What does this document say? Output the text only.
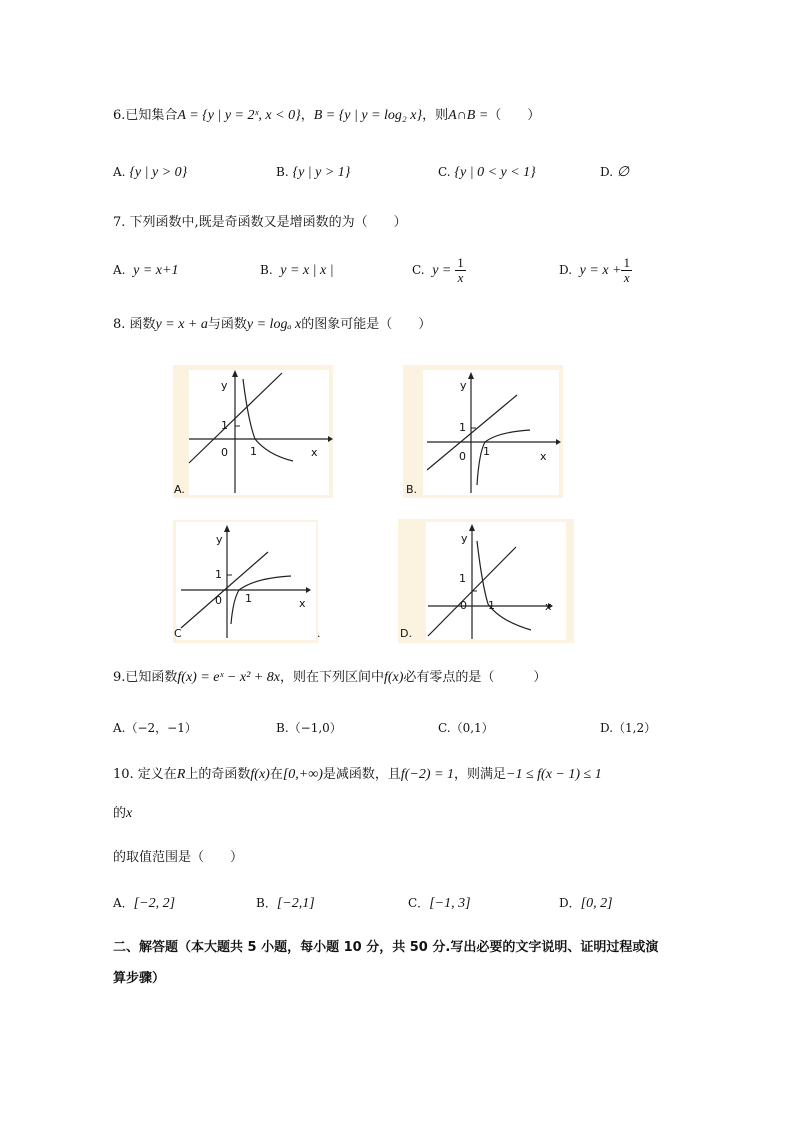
6.已知集合A = {y | y = 2ˣ, x < 0}，B = {y | y = log₂ x}，则A∩B =（　　）
A. {y | y > 0}	B. {y | y > 1}	C. {y | 0 < y < 1}	D. ∅
7. 下列函数中,既是奇函数又是增函数的为（　　）
A. y = x+1	B. y = x | x |	C. $y = \frac{1}{x}$	D. $y = x + \frac{1}{x}$
8. 函数y = x + a与函数y = logₐ x的图象可能是（　　）
y
x
0 1
1
A.
y
x
0 1
1
B.
y
x
0 1
1
C	.
y
x
0 1
1
D.
9.已知函数f(x) = eˣ − x² + 8x，则在下列区间中f(x)必有零点的是（　　　）
A.（−2，−1）	B.（−1,0）	C.（0,1）	D.（1,2）
10. 定义在R上的奇函数f(x)在[0,+∞)是减函数，且f(−2) = 1，则满足−1 ≤ f(x − 1) ≤ 1
的x
的取值范围是（　　）
A．[−2, 2]	B．[−2,1]	C．[−1, 3]	D．[0, 2]
二、解答题（本大题共 5 小题，每小题 10 分，共 50 分.写出必要的文字说明、证明过程或演
算步骤）
